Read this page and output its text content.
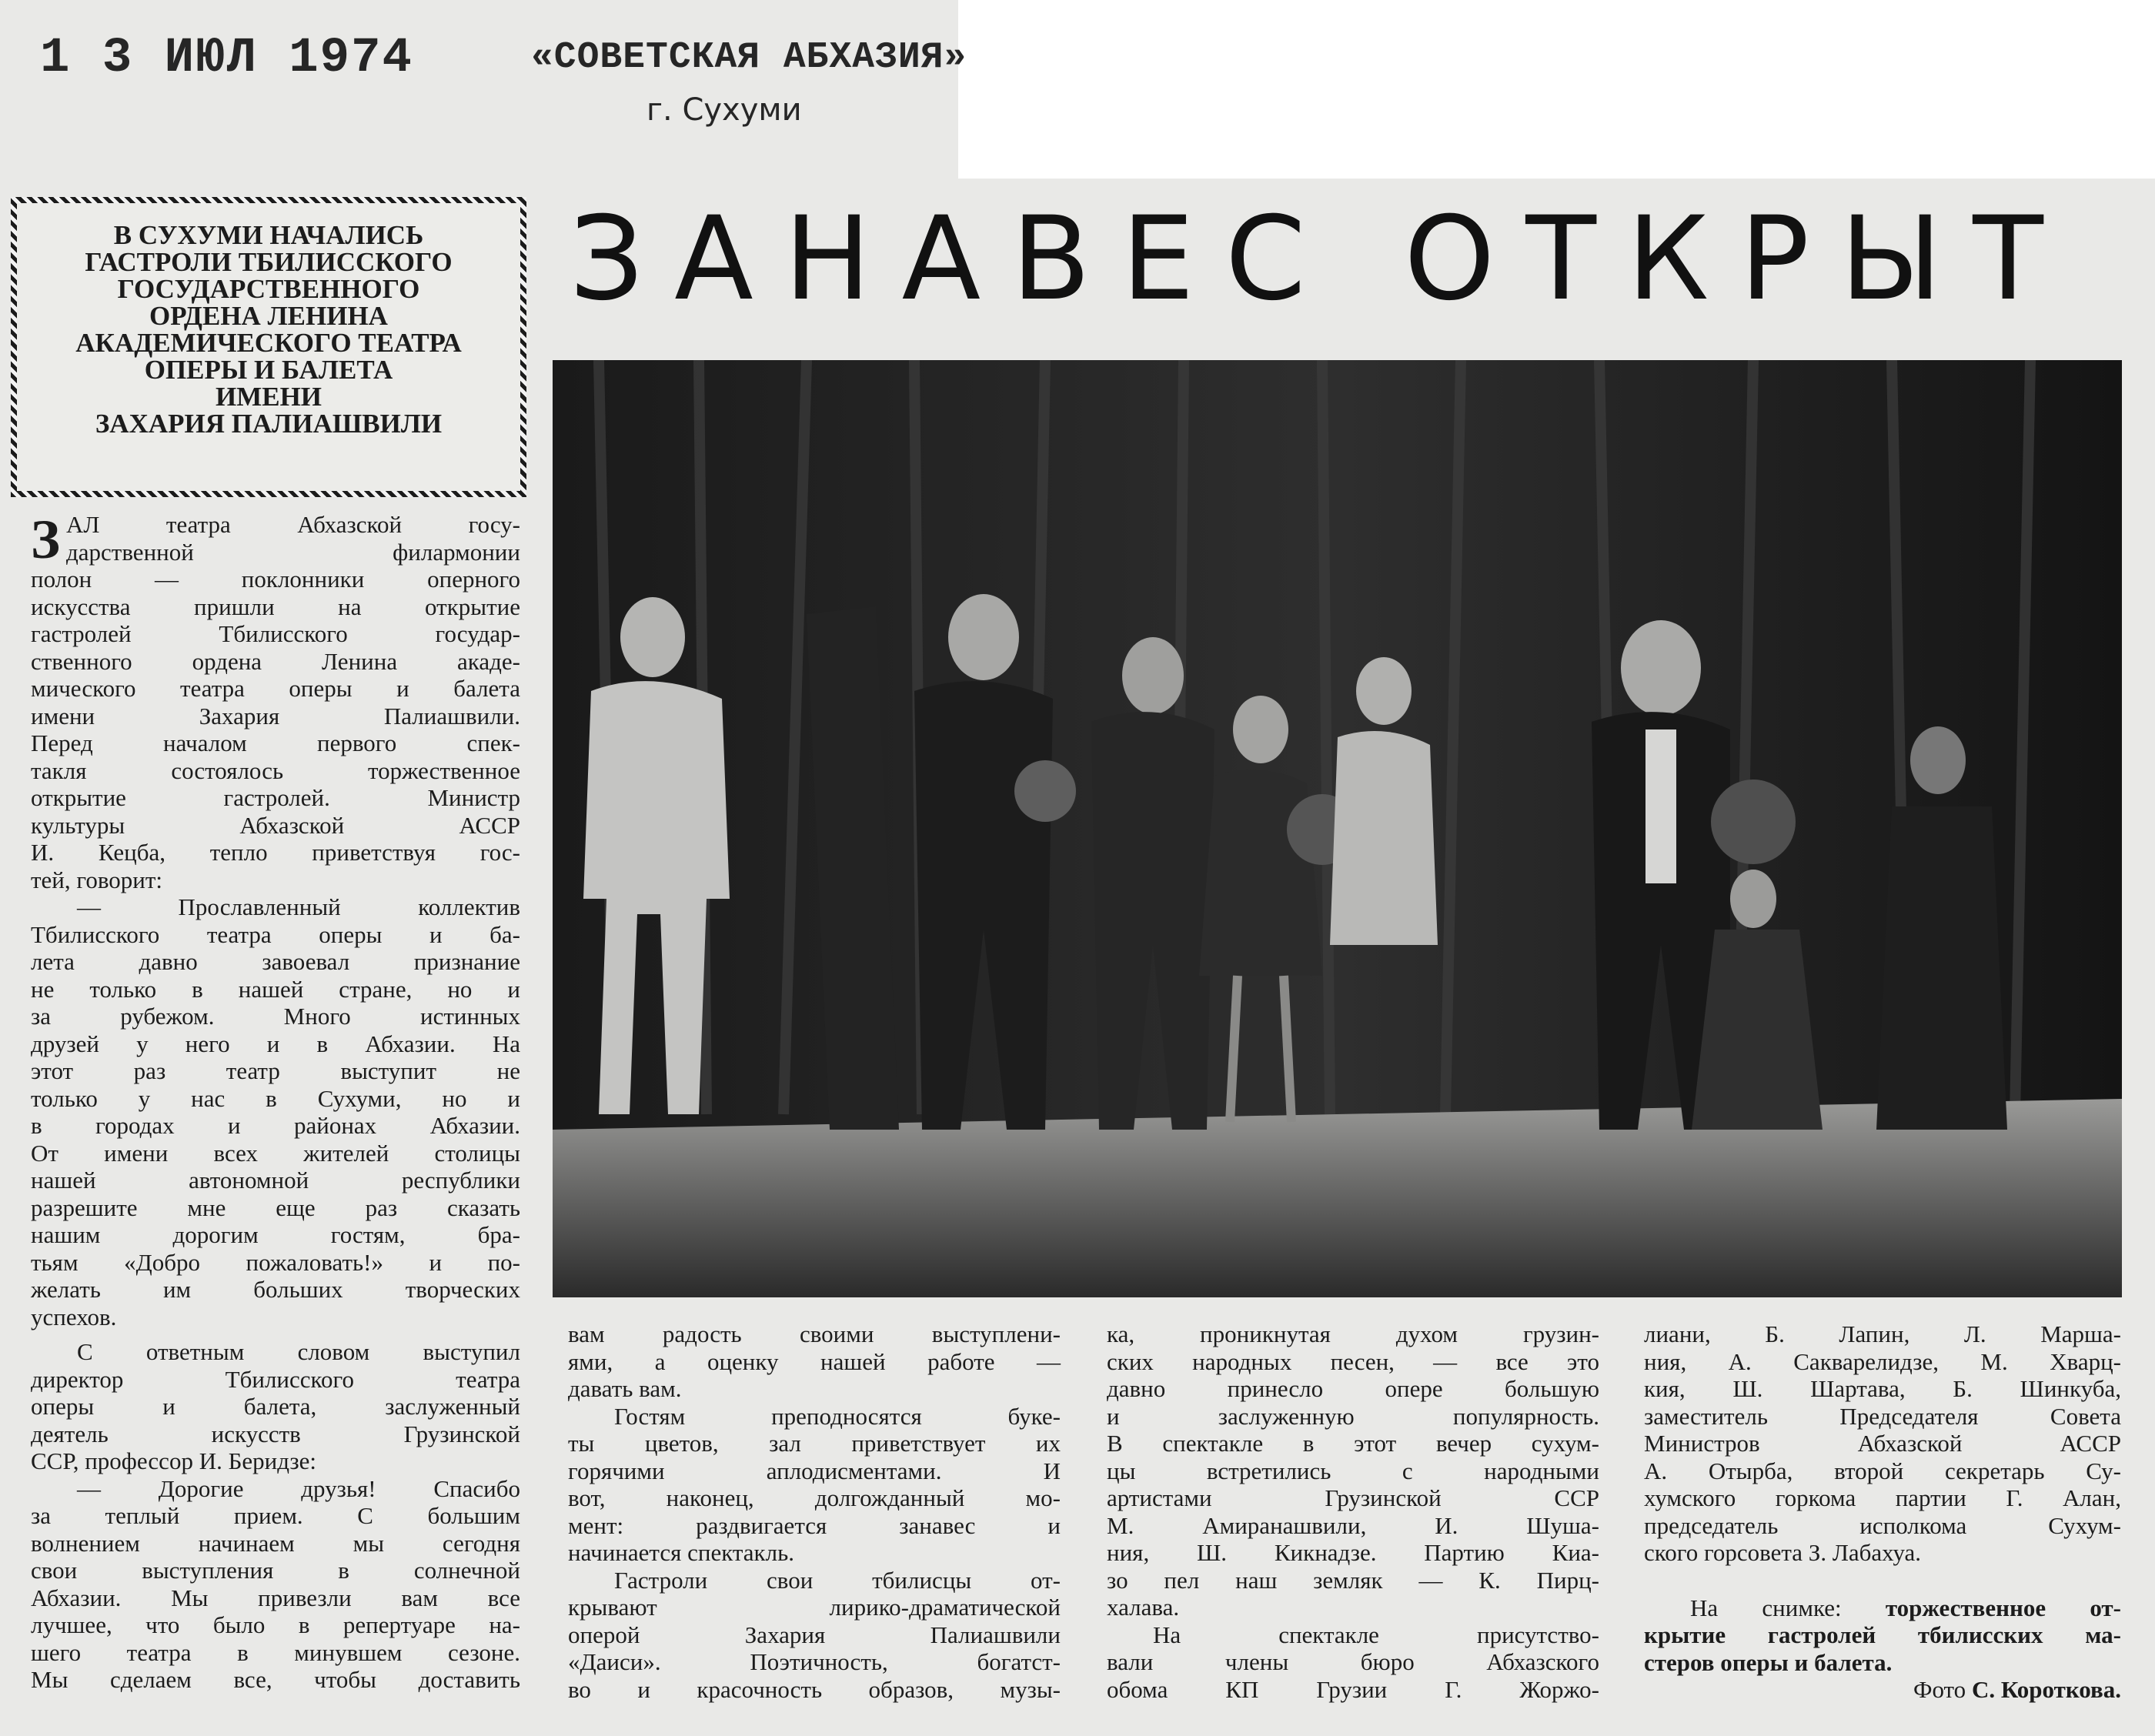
1 3 ИЮЛ 1974	«СОВЕТСКАЯ АБХАЗИЯ»
г. Сухуми
В СУХУМИ НАЧАЛИСЬ
ГАСТРОЛИ ТБИЛИССКОГО
ГОСУДАРСТВЕННОГО
ОРДЕНА ЛЕНИНА
АКАДЕМИЧЕСКОГО ТЕАТРА
ОПЕРЫ И БАЛЕТА
ИМЕНИ
ЗАХАРИЯ ПАЛИАШВИЛИ
ЗАНАВЕС ОТКРЫТ
З АЛ театра Абхазской госу-
дарственной филармонии
полон — поклонники оперного
искусства пришли на открытие
гастролей Тбилисского государ-
ственного ордена Ленина акаде-
мического театра оперы и балета
имени Захария Палиашвили.
Перед началом первого спек-
такля состоялось торжественное
открытие гастролей. Министр
культуры Абхазской АССР
И. Кецба, тепло приветствуя гос-
тей, говорит:
— Прославленный коллектив
Тбилисского театра оперы и ба-
лета давно завоевал признание
не только в нашей стране, но и
за рубежом. Много истинных
друзей у него и в Абхазии. На
этот раз театр выступит не
только у нас в Сухуми, но и
в городах и районах Абхазии.
От имени всех жителей столицы
нашей автономной республики
разрешите мне еще раз сказать
нашим дорогим гостям, бра-
тьям «Добро пожаловать!» и по-
желать им больших творческих
успехов.
С ответным словом выступил
директор Тбилисского театра
оперы и балета, заслуженный
деятель искусств Грузинской
ССР, профессор И. Беридзе:
— Дорогие друзья! Спасибо
за теплый прием. С большим
волнением начинаем мы сегодня
свои выступления в солнечной
Абхазии. Мы привезли вам все
лучшее, что было в репертуаре на-
шего театра в минувшем сезоне.
Мы сделаем все, чтобы доставить
вам радость своими выступлени-
ями, а оценку нашей работе —
давать вам.
Гостям преподносятся буке-
ты цветов, зал приветствует их
горячими аплодисментами. И
вот, наконец, долгожданный мо-
мент: раздвигается занавес и
начинается спектакль.
Гастроли свои тбилисцы от-
крывают лирико-драматической
оперой Захария Палиашвили
«Даиси». Поэтичность, богатст-
во и красочность образов, музы-
ка, проникнутая духом грузин-
ских народных песен, — все это
давно принесло опере большую
и заслуженную популярность.
В спектакле в этот вечер сухум-
цы встретились с народными
артистами Грузинской ССР
М. Амиранашвили, И. Шуша-
ния, Ш. Кикнадзе. Партию Киа-
зо пел наш земляк — К. Пирц-
халава.
На спектакле присутство-
вали члены бюро Абхазского
обома КП Грузии Г. Жоржо-
лиани, Б. Лапин, Л. Марша-
ния, А. Сакварелидзе, М. Хварц-
кия, Ш. Шартава, Б. Шинкуба,
заместитель Председателя Совета
Министров Абхазской АССР
А. Отырба, второй секретарь Су-
хумского горкома партии Г. Алан,
председатель исполкома Сухум-
ского горсовета З. Лабахуа.
На снимке: торжественное от-
крытие гастролей тбилисских ма-
стеров оперы и балета.
Фото С. Короткова.
